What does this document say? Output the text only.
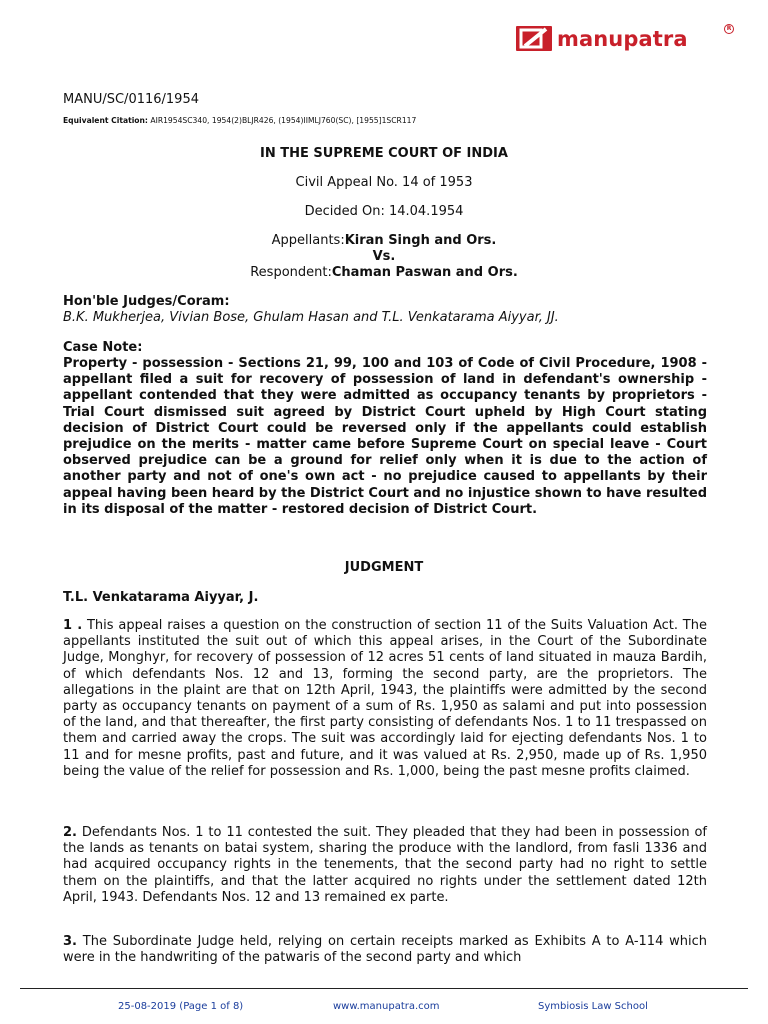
manupatra	R
MANU/SC/0116/1954
Equivalent Citation: AIR1954SC340, 1954(2)BLJR426, (1954)IIMLJ760(SC), [1955]1SCR117
IN THE SUPREME COURT OF INDIA
Civil Appeal No. 14 of 1953
Decided On: 14.04.1954
Appellants:Kiran Singh and Ors.
Vs.
Respondent:Chaman Paswan and Ors.
Hon'ble Judges/Coram:
B.K. Mukherjea, Vivian Bose, Ghulam Hasan and T.L. Venkatarama Aiyyar, JJ.
Case Note:
Property - possession - Sections 21, 99, 100 and 103 of Code of Civil Procedure, 1908 - appellant filed a suit for recovery of possession of land in defendant's ownership - appellant contended that they were admitted as occupancy tenants by proprietors - Trial Court dismissed suit agreed by District Court upheld by High Court stating decision of District Court could be reversed only if the appellants could establish prejudice on the merits - matter came before Supreme Court on special leave - Court observed prejudice can be a ground for relief only when it is due to the action of another party and not of one's own act - no prejudice caused to appellants by their appeal having been heard by the District Court and no injustice shown to have resulted in its disposal of the matter - restored decision of District Court.
JUDGMENT
T.L. Venkatarama Aiyyar, J.
1 . This appeal raises a question on the construction of section 11 of the Suits Valuation Act. The appellants instituted the suit out of which this appeal arises, in the Court of the Subordinate Judge, Monghyr, for recovery of possession of 12 acres 51 cents of land situated in mauza Bardih, of which defendants Nos. 12 and 13, forming the second party, are the proprietors. The allegations in the plaint are that on 12th April, 1943, the plaintiffs were admitted by the second party as occupancy tenants on payment of a sum of Rs. 1,950 as salami and put into possession of the land, and that thereafter, the first party consisting of defendants Nos. 1 to 11 trespassed on them and carried away the crops. The suit was accordingly laid for ejecting defendants Nos. 1 to 11 and for mesne profits, past and future, and it was valued at Rs. 2,950, made up of Rs. 1,950 being the value of the relief for possession and Rs. 1,000, being the past mesne profits claimed.
2. Defendants Nos. 1 to 11 contested the suit. They pleaded that they had been in possession of the lands as tenants on batai system, sharing the produce with the landlord, from fasli 1336 and had acquired occupancy rights in the tenements, that the second party had no right to settle them on the plaintiffs, and that the latter acquired no rights under the settlement dated 12th April, 1943. Defendants Nos. 12 and 13 remained ex parte.
3. The Subordinate Judge held, relying on certain receipts marked as Exhibits A to A-114 which were in the handwriting of the patwaris of the second party and which
25-08-2019 (Page 1 of 8)	www.manupatra.com	Symbiosis Law School
